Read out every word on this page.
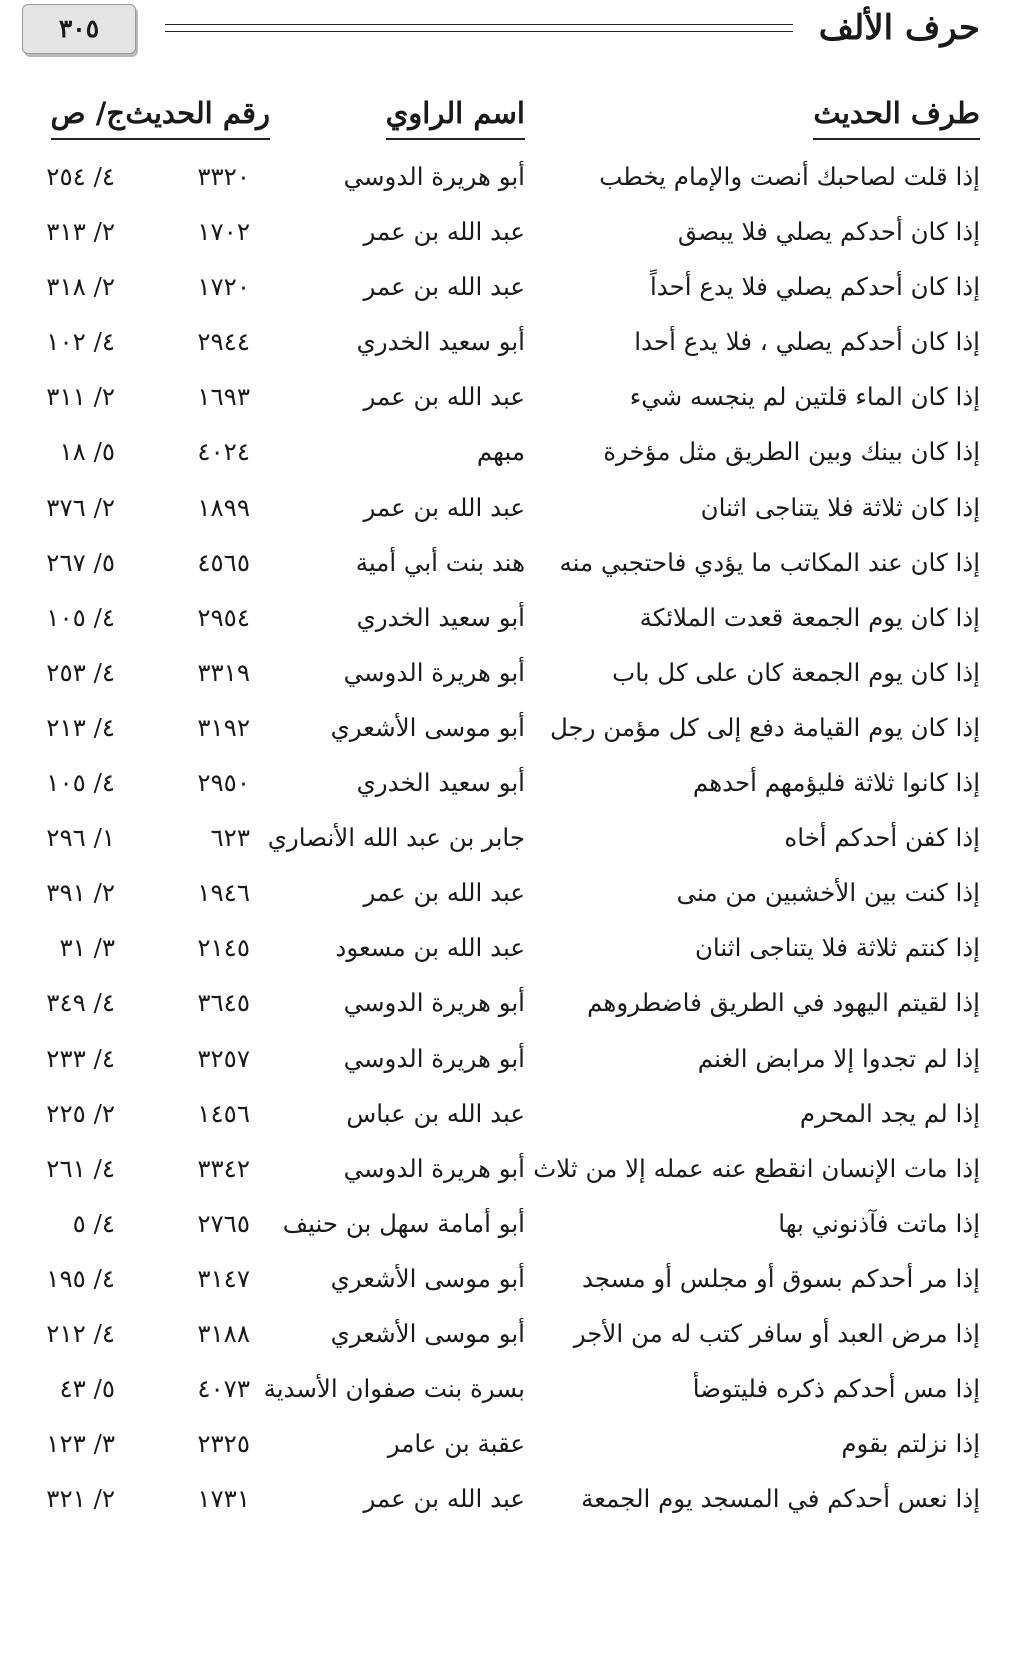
حرف الألف
٣٠٥
طرف الحديث
اسم الراوي
رقم الحديث
ج/ ص
إذا قلت لصاحبك أنصت والإمام يخطب
أبو هريرة الدوسي
٣٣٢٠
٤/ ٢٥٤
إذا كان أحدكم يصلي فلا يبصق
عبد الله بن عمر
١٧٠٢
٢/ ٣١٣
إذا كان أحدكم يصلي فلا يدع أحداً
عبد الله بن عمر
١٧٢٠
٢/ ٣١٨
إذا كان أحدكم يصلي ، فلا يدع أحدا
أبو سعيد الخدري
٢٩٤٤
٤/ ١٠٢
إذا كان الماء قلتين لم ينجسه شيء
عبد الله بن عمر
١٦٩٣
٢/ ٣١١
إذا كان بينك وبين الطريق مثل مؤخرة
مبهم
٤٠٢٤
٥/ ١٨
إذا كان ثلاثة فلا يتناجى اثنان
عبد الله بن عمر
١٨٩٩
٢/ ٣٧٦
إذا كان عند المكاتب ما يؤدي فاحتجبي منه
هند بنت أبي أمية
٤٥٦٥
٥/ ٢٦٧
إذا كان يوم الجمعة قعدت الملائكة
أبو سعيد الخدري
٢٩٥٤
٤/ ١٠٥
إذا كان يوم الجمعة كان على كل باب
أبو هريرة الدوسي
٣٣١٩
٤/ ٢٥٣
إذا كان يوم القيامة دفع إلى كل مؤمن رجل
أبو موسى الأشعري
٣١٩٢
٤/ ٢١٣
إذا كانوا ثلاثة فليؤمهم أحدهم
أبو سعيد الخدري
٢٩٥٠
٤/ ١٠٥
إذا كفن أحدكم أخاه
جابر بن عبد الله الأنصاري
٦٢٣
١/ ٢٩٦
إذا كنت بين الأخشبين من منى
عبد الله بن عمر
١٩٤٦
٢/ ٣٩١
إذا كنتم ثلاثة فلا يتناجى اثنان
عبد الله بن مسعود
٢١٤٥
٣/ ٣١
إذا لقيتم اليهود في الطريق فاضطروهم
أبو هريرة الدوسي
٣٦٤٥
٤/ ٣٤٩
إذا لم تجدوا إلا مرابض الغنم
أبو هريرة الدوسي
٣٢٥٧
٤/ ٢٣٣
إذا لم يجد المحرم
عبد الله بن عباس
١٤٥٦
٢/ ٢٢٥
إذا مات الإنسان انقطع عنه عمله إلا من ثلاث
أبو هريرة الدوسي
٣٣٤٢
٤/ ٢٦١
إذا ماتت فآذنوني بها
أبو أمامة سهل بن حنيف
٢٧٦٥
٤/ ٥
إذا مر أحدكم بسوق أو مجلس أو مسجد
أبو موسى الأشعري
٣١٤٧
٤/ ١٩٥
إذا مرض العبد أو سافر كتب له من الأجر
أبو موسى الأشعري
٣١٨٨
٤/ ٢١٢
إذا مس أحدكم ذكره فليتوضأ
بسرة بنت صفوان الأسدية
٤٠٧٣
٥/ ٤٣
إذا نزلتم بقوم
عقبة بن عامر
٢٣٢٥
٣/ ١٢٣
إذا نعس أحدكم في المسجد يوم الجمعة
عبد الله بن عمر
١٧٣١
٢/ ٣٢١
